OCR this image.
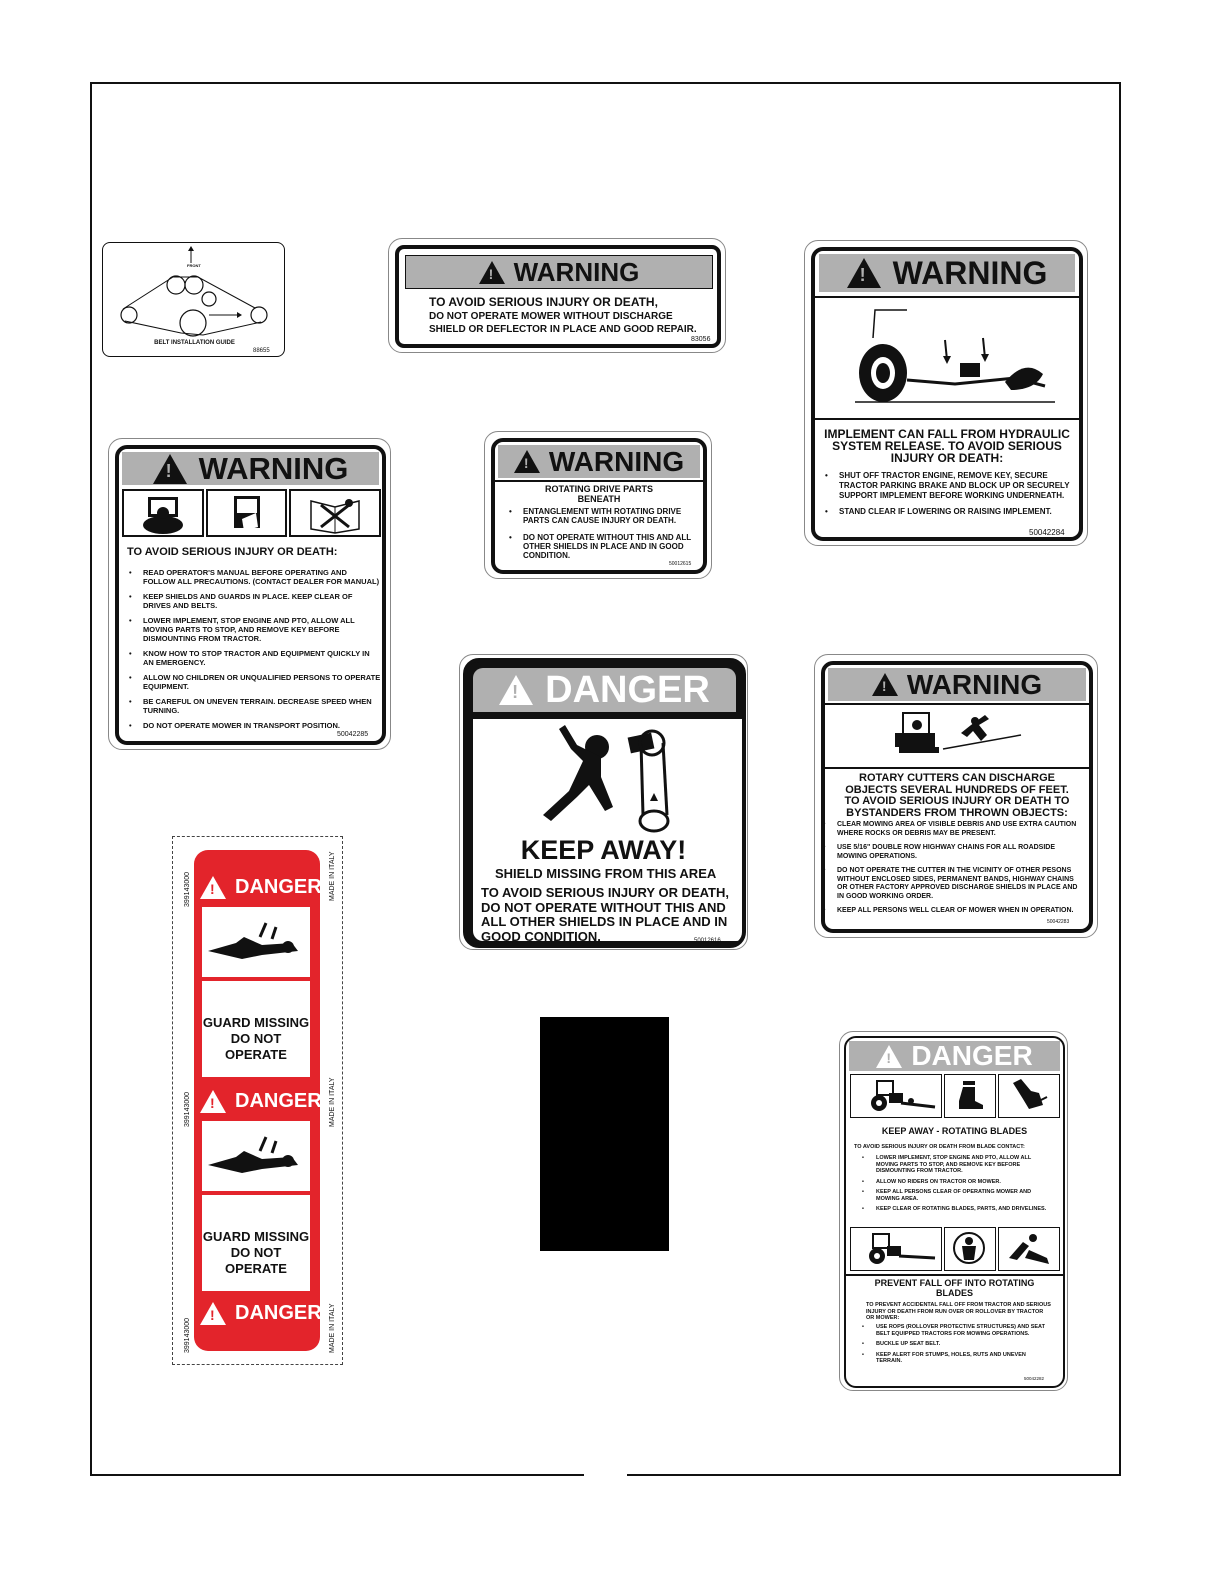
FRONT
BELT INSTALLATION GUIDE
88655
!
WARNING
TO AVOID SERIOUS INJURY OR DEATH,
DO NOT OPERATE MOWER WITHOUT DISCHARGE
SHIELD OR DEFLECTOR IN PLACE AND GOOD REPAIR.
83056
!
WARNING
IMPLEMENT CAN FALL FROM HYDRAULIC
SYSTEM RELEASE. TO AVOID SERIOUS
INJURY OR DEATH:
• SHUT OFF TRACTOR ENGINE, REMOVE KEY, SECURE TRACTOR PARKING BRAKE AND BLOCK UP OR SECURELY SUPPORT IMPLEMENT BEFORE WORKING UNDERNEATH.
• STAND CLEAR IF LOWERING OR RAISING IMPLEMENT.
50042284
!
WARNING
TO AVOID SERIOUS INJURY OR DEATH:
• READ OPERATOR'S MANUAL BEFORE OPERATING AND FOLLOW ALL PRECAUTIONS. (CONTACT DEALER FOR MANUAL)
• KEEP SHIELDS AND GUARDS IN PLACE. KEEP CLEAR OF DRIVES AND BELTS.
• LOWER IMPLEMENT, STOP ENGINE AND PTO, ALLOW ALL MOVING PARTS TO STOP, AND REMOVE KEY BEFORE DISMOUNTING FROM TRACTOR.
• KNOW HOW TO STOP TRACTOR AND EQUIPMENT QUICKLY IN AN EMERGENCY.
• ALLOW NO CHILDREN OR UNQUALIFIED PERSONS TO OPERATE EQUIPMENT.
• BE CAREFUL ON UNEVEN TERRAIN. DECREASE SPEED WHEN TURNING.
• DO NOT OPERATE MOWER IN TRANSPORT POSITION.
50042285
!
WARNING
ROTATING DRIVE PARTS
BENEATH
• ENTANGLEMENT WITH ROTATING DRIVE PARTS CAN CAUSE INJURY OR DEATH.
• DO NOT OPERATE WITHOUT THIS AND ALL OTHER SHIELDS IN PLACE AND IN GOOD CONDITION.
50012615
!
DANGER
KEEP AWAY!
SHIELD MISSING FROM THIS AREA
TO AVOID SERIOUS INJURY OR DEATH,
DO NOT OPERATE WITHOUT THIS AND
ALL OTHER SHIELDS IN PLACE AND IN
GOOD CONDITION.	50012616
!
WARNING
ROTARY CUTTERS CAN DISCHARGE
OBJECTS SEVERAL HUNDREDS OF FEET.
TO AVOID SERIOUS INJURY OR DEATH TO
BYSTANDERS FROM THROWN OBJECTS:
• CLEAR MOWING AREA OF VISIBLE DEBRIS AND USE EXTRA CAUTION WHERE ROCKS OR DEBRIS MAY BE PRESENT.
• USE 5/16" DOUBLE ROW HIGHWAY CHAINS FOR ALL ROADSIDE MOWING OPERATIONS.
• DO NOT OPERATE THE CUTTER IN THE VICINITY OF OTHER PESONS WITHOUT ENCLOSED SIDES, PERMANENT BANDS, HIGHWAY CHAINS OR OTHER FACTORY APPROVED DISCHARGE SHIELDS IN PLACE AND IN GOOD WORKING ORDER.
• KEEP ALL PERSONS WELL CLEAR OF MOWER WHEN IN OPERATION.
50042283
!
DANGER
GUARD MISSING
DO NOT OPERATE
!
DANGER
GUARD MISSING
DO NOT OPERATE
!
DANGER
399143000
399143000
399143000
MADE IN ITALY
MADE IN ITALY
MADE IN ITALY
!
DANGER
KEEP AWAY - ROTATING BLADES
TO AVOID SERIOUS INJURY OR DEATH FROM BLADE CONTACT:
• LOWER IMPLEMENT, STOP ENGINE AND PTO, ALLOW ALL MOVING PARTS TO STOP, AND REMOVE KEY BEFORE DISMOUNTING FROM TRACTOR.
• ALLOW NO RIDERS ON TRACTOR OR MOWER.
• KEEP ALL PERSONS CLEAR OF OPERATING MOWER AND MOWING AREA.
• KEEP CLEAR OF ROTATING BLADES, PARTS, AND DRIVELINES.
PREVENT FALL OFF INTO ROTATING
BLADES
TO PREVENT ACCIDENTAL FALL OFF FROM TRACTOR AND SERIOUS INJURY OR DEATH FROM RUN OVER OR ROLLOVER BY TRACTOR OR MOWER:
• USE ROPS (ROLLOVER PROTECTIVE STRUCTURES) AND SEAT BELT EQUIPPED TRACTORS FOR MOWING OPERATIONS.
• BUCKLE UP SEAT BELT.
• KEEP ALERT FOR STUMPS, HOLES, RUTS AND UNEVEN TERRAIN.
50042282
